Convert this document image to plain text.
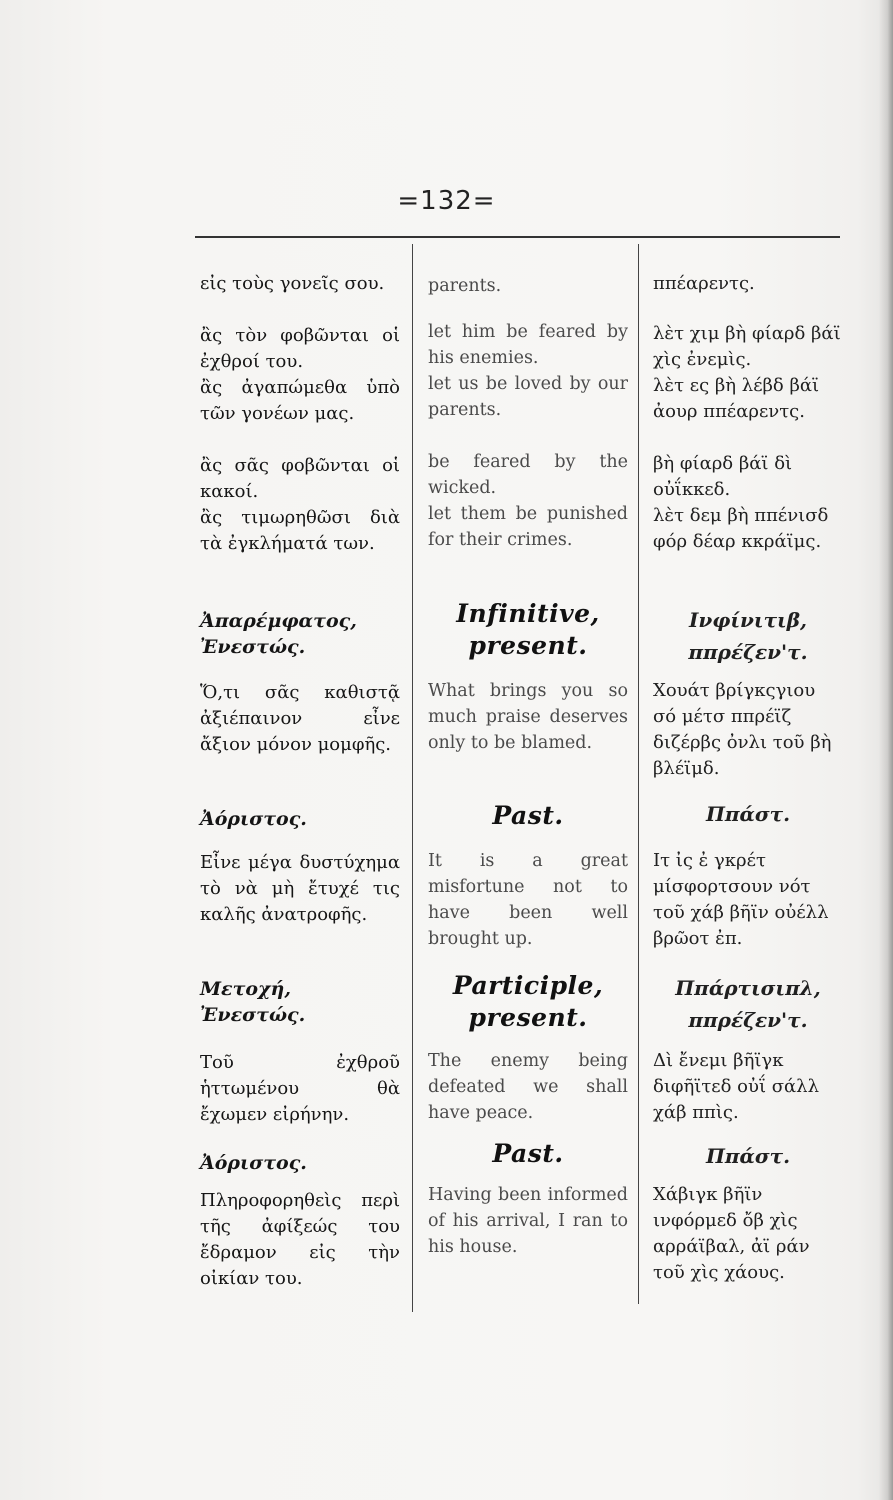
=132=

εἰς τοὺς γονεῖς σου.

ἂς τὸν φοβῶνται οἱ ἐχθροί του.

ἂς ἀγαπώμεθα ὑπὸ τῶν γονέων μας.

ἂς σᾶς φοβῶνται οἱ κακοί.

ἂς τιμωρηθῶσι διὰ τὰ ἐγκλήματά των.

Ἀπαρέμφατος, Ἐνεστώς.

Ὅ,τι σᾶς καθιστᾷ ἀξιέπαινον εἶνε ἄξιον μόνον μομφῆς.

Ἀόριστος.

Εἶνε μέγα δυστύχημα τὸ νὰ μὴ ἔτυχέ τις καλῆς ἀνατροφῆς.

Μετοχή, Ἐνεστώς.

Τοῦ ἐχθροῦ ἡττωμένου θὰ ἔχωμεν εἰρήνην.

Ἀόριστος.

Πληροφορηθεὶς περὶ τῆς ἀφίξεώς του ἔδραμον εἰς τὴν οἰκίαν του.

parents.

let him be feared by his enemies.

let us be loved by our parents.

be feared by the wicked.

let them be punished for their crimes.

Infinitive, present.

What brings you so much praise deserves only to be blamed.

Past.

It is a great misfortune not to have been well brought up.

Participle, present.

The enemy being defeated we shall have peace.

Past.

Having been informed of his arrival, I ran to his house.

ππέαρεντς.

λὲτ χιμ βὴ φίαρδ βάϊ χὶς ἐνεμὶς.

λὲτ ες βὴ λέβδ βάϊ ἀουρ ππέαρεντς.

βὴ φίαρδ βάϊ δὶ οὐΐκκεδ.

λὲτ δεμ βὴ ππένισδ φόρ δέαρ κκράϊμς.

Ινφίνιτιβ, ππρέζεν'τ.

Χουάτ βρίγκςγιου σό μέτσ ππρέϊζ διζέρβς ὀνλι τοῦ βὴ βλέϊμδ.

Ππάστ.

Ιτ ἰς ἐ γκρέτ μίσφορτσουν νότ τοῦ χάβ βῆϊν οὐέλλ βρῶοτ ἐπ.

Ππάρτισιπλ, ππρέζεν'τ.

Δὶ ἔνεμι βῆϊγκ διφῆϊτεδ οὐΐ σάλλ χάβ ππὶς.

Ππάστ.

Χάβιγκ βῆϊν ινφόρμεδ ὄβ χὶς αρράϊβαλ, ἀϊ ράν τοῦ χὶς χάους.
